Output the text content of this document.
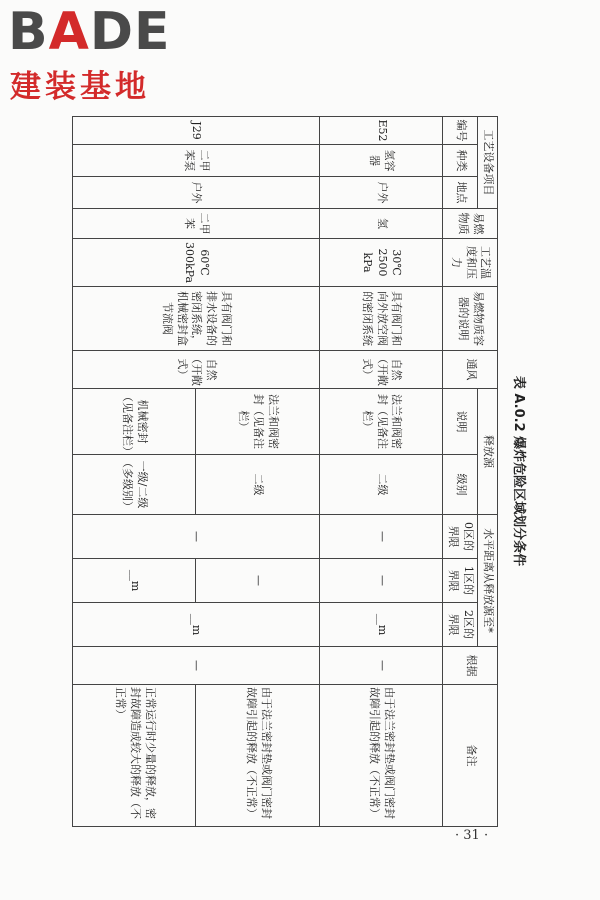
BADE
建装基地
表 A.0.2 爆炸危险区域划分条件
工艺设备项目			易燃物质	工艺温度和压力	易燃物质容器的说明	通风	释放源		水平距离从释放源至*			根据	备注
编号	种类	地点					说明	级别	0区的界限	1区的界限	2区的界限		
E52	氢容器	户外	氢	30℃ 2500 kPa	具有阀门和向外放空阀的密闭系统	自然（开敞式）	法兰和阀密封（见备注栏）	二级	—	—	__m	—	由于法兰密封垫或阀门密封故障引起的释放（不正常）
J29	二甲苯泵	户外	二甲苯	60℃ 300kPa	具有阀门和排水设备的密闭系统，机械密封盒节流阀	自然（开敞式）	法兰和阀密封（见备注栏）	二级	—	—	__m	—	由于法兰密封垫或阀门密封故障引起的释放（不正常）
							机械密封（见备注栏）	一级/二级（多级别）		__m			正常运行时少量的释放，密封故障造成较大的释放（不正常）
· 31 ·
